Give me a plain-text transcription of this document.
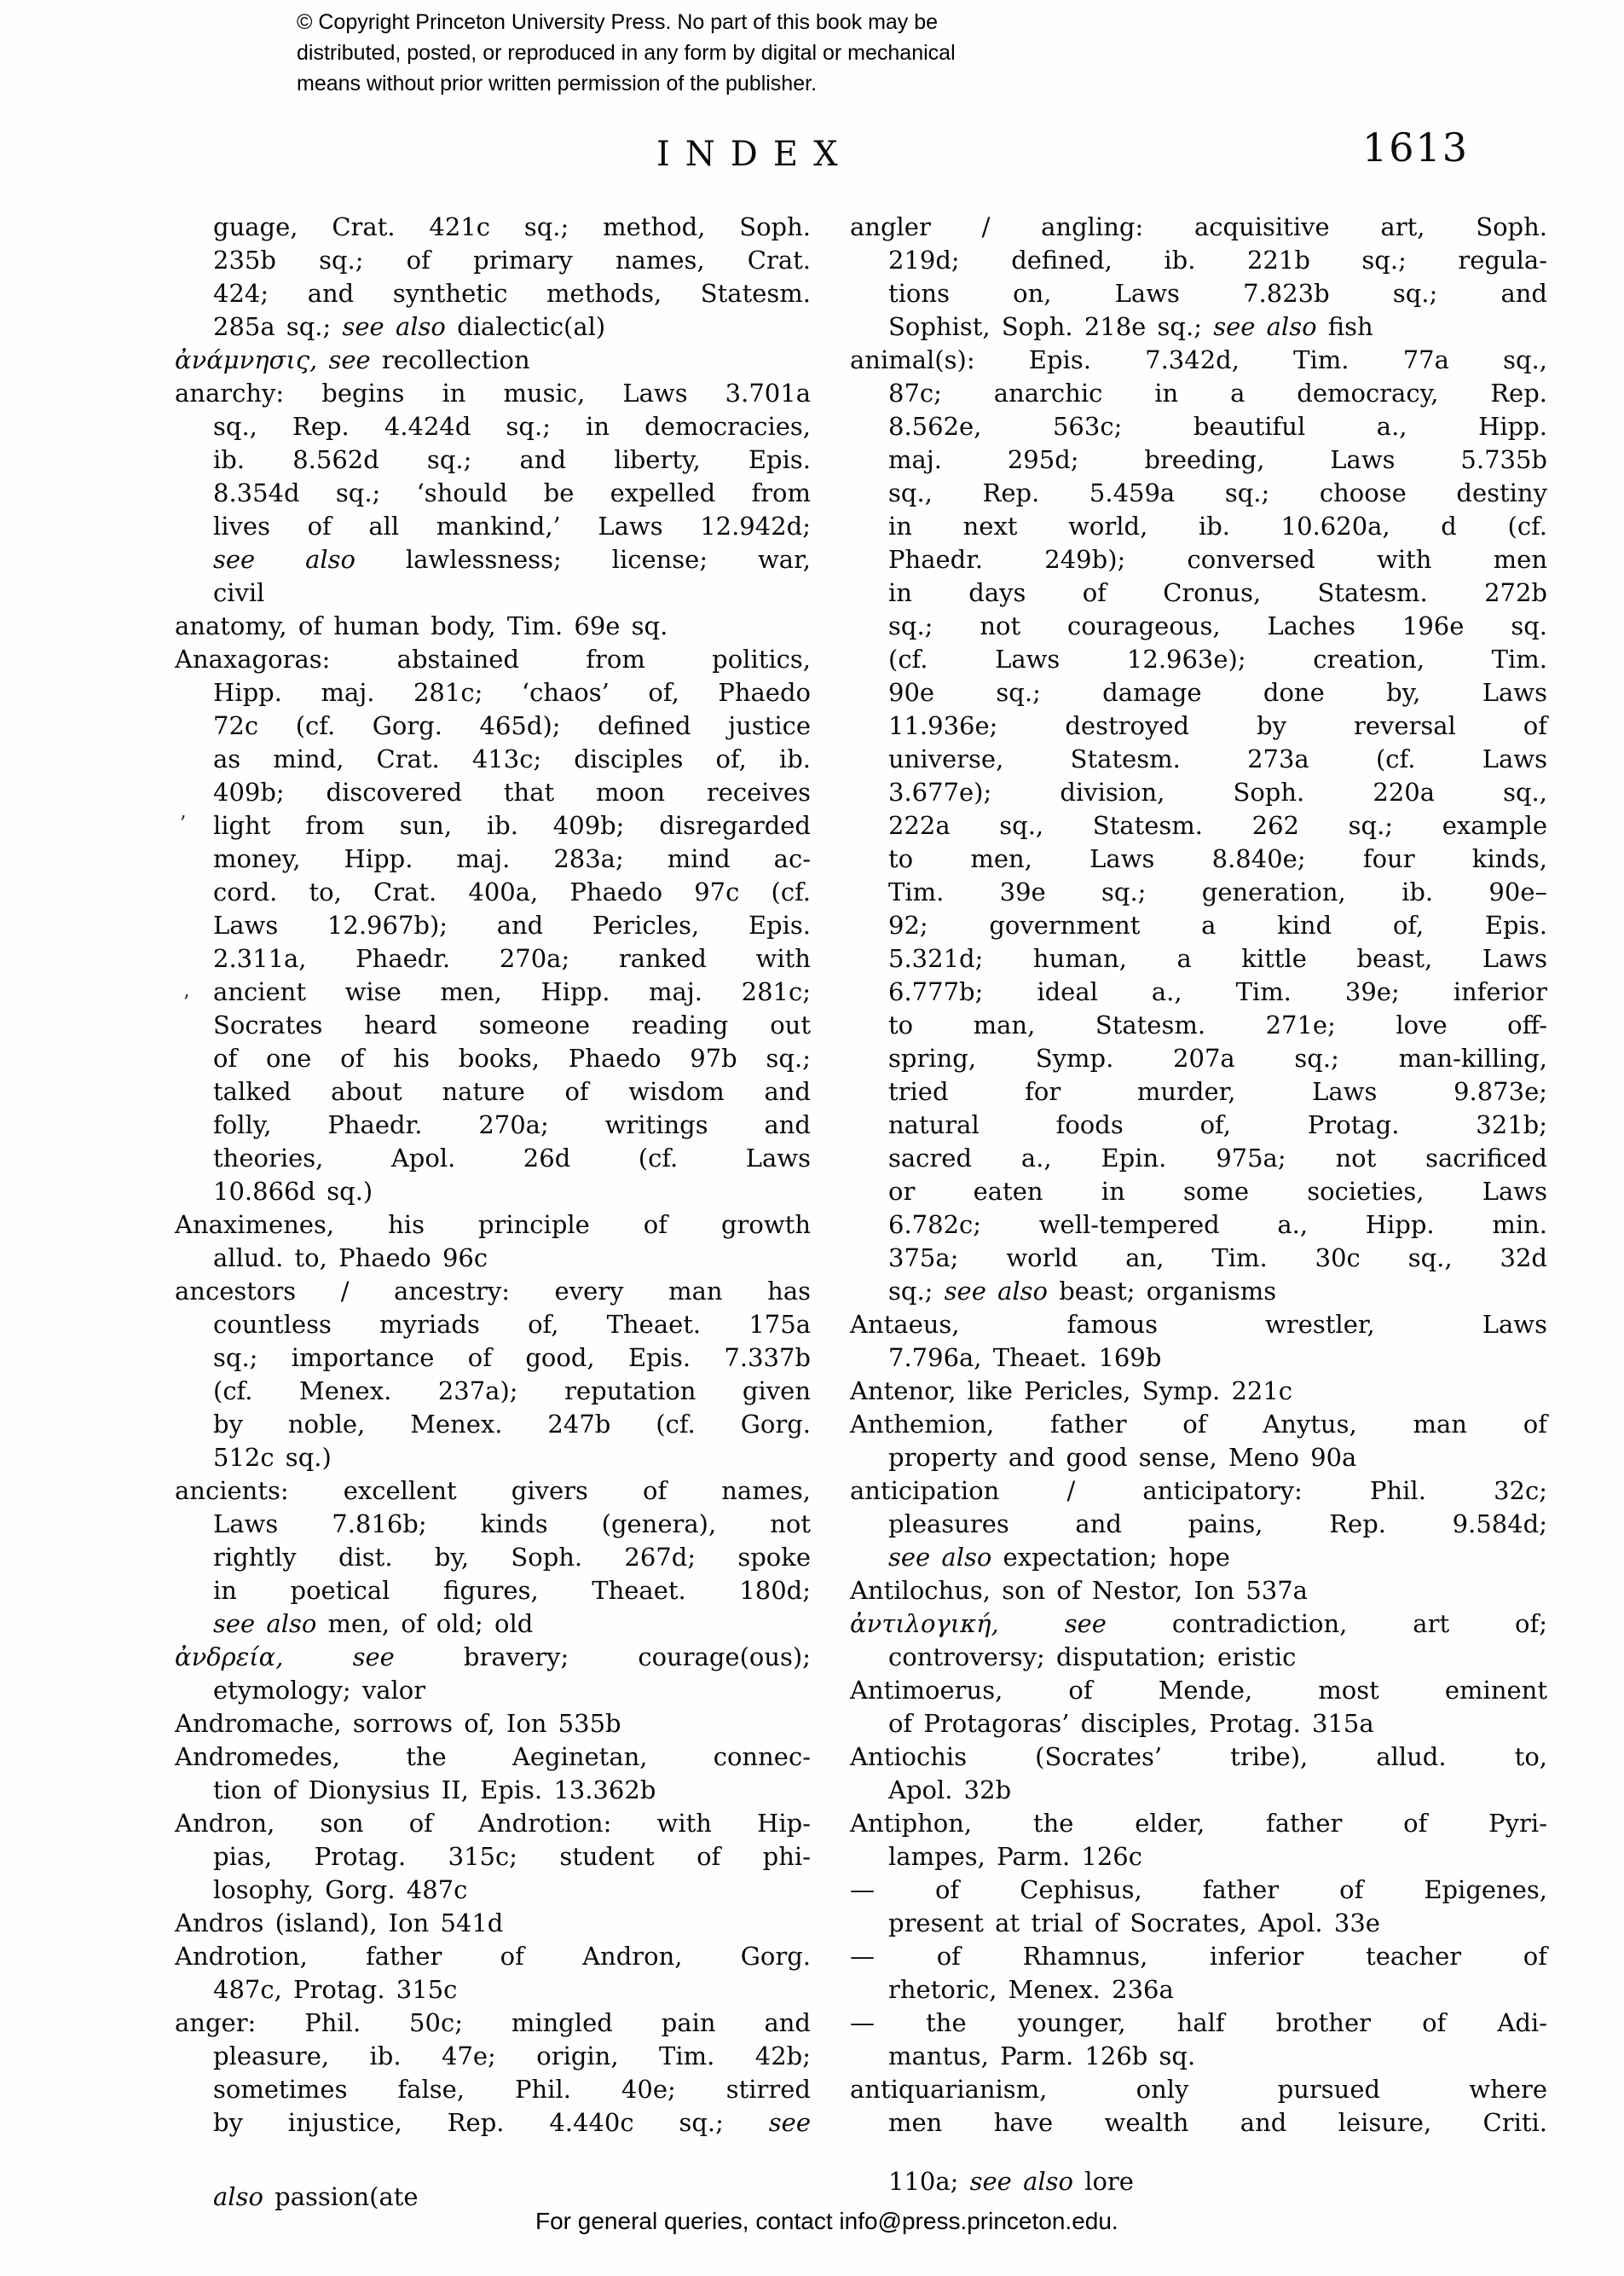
© Copyright Princeton University Press. No part of this book may be
distributed, posted, or reproduced in any form by digital or mechanical
means without prior written permission of the publisher.
INDEX	1613
guage, Crat. 421c sq.; method, Soph.
235b sq.; of primary names, Crat.
424; and synthetic methods, Statesm.
285a sq.; see also dialectic(al)
ἀνάμνησις, see recollection
anarchy: begins in music, Laws 3.701a
sq., Rep. 4.424d sq.; in democracies,
ib. 8.562d sq.; and liberty, Epis.
8.354d sq.; ‘should be expelled from
lives of all mankind,’ Laws 12.942d;
see also lawlessness; license; war,
civil
anatomy, of human body, Tim. 69e sq.
Anaxagoras: abstained from politics,
Hipp. maj. 281c; ‘chaos’ of, Phaedo
72c (cf. Gorg. 465d); defined justice
as mind, Crat. 413c; disciples of, ib.
409b; discovered that moon receives
light from sun, ib. 409b; disregarded
money, Hipp. maj. 283a; mind ac-
cord. to, Crat. 400a, Phaedo 97c (cf.
Laws 12.967b); and Pericles, Epis.
2.311a, Phaedr. 270a; ranked with
ancient wise men, Hipp. maj. 281c;
Socrates heard someone reading out
of one of his books, Phaedo 97b sq.;
talked about nature of wisdom and
folly, Phaedr. 270a; writings and
theories, Apol. 26d (cf. Laws
10.866d sq.)
Anaximenes, his principle of growth
allud. to, Phaedo 96c
ancestors / ancestry: every man has
countless myriads of, Theaet. 175a
sq.; importance of good, Epis. 7.337b
(cf. Menex. 237a); reputation given
by noble, Menex. 247b (cf. Gorg.
512c sq.)
ancients: excellent givers of names,
Laws 7.816b; kinds (genera), not
rightly dist. by, Soph. 267d; spoke
in poetical figures, Theaet. 180d;
see also men, of old; old
ἀνδρεία,	see bravery; courage(ous);
etymology; valor
Andromache, sorrows of, Ion 535b
Andromedes, the Aeginetan, connec-
tion of Dionysius II, Epis. 13.362b
Andron, son of Androtion: with Hip-
pias, Protag. 315c; student of phi-
losophy, Gorg. 487c
Andros (island), Ion 541d
Androtion, father of Andron, Gorg.
487c, Protag. 315c
anger: Phil. 50c; mingled pain and
pleasure, ib. 47e; origin, Tim. 42b;
sometimes false, Phil. 40e; stirred
by injustice, Rep. 4.440c sq.; see
also passion(ate
angler / angling: acquisitive art, Soph.
219d; defined, ib. 221b sq.; regula-
tions on, Laws 7.823b sq.; and
Sophist, Soph. 218e sq.; see also fish
animal(s): Epis. 7.342d, Tim. 77a sq.,
87c; anarchic in a democracy, Rep.
8.562e, 563c; beautiful a., Hipp.
maj. 295d; breeding, Laws 5.735b
sq., Rep. 5.459a sq.; choose destiny
in next world, ib. 10.620a, d (cf.
Phaedr. 249b); conversed with men
in days of Cronus, Statesm. 272b
sq.; not courageous, Laches 196e sq.
(cf. Laws 12.963e); creation, Tim.
90e sq.; damage done by, Laws
11.936e; destroyed by reversal of
universe, Statesm. 273a (cf. Laws
3.677e); division, Soph. 220a sq.,
222a sq., Statesm. 262 sq.; example
to men, Laws 8.840e; four kinds,
Tim. 39e sq.; generation, ib. 90e–
92; government a kind of, Epis.
5.321d; human, a kittle beast, Laws
6.777b; ideal a., Tim. 39e; inferior
to man, Statesm. 271e; love off-
spring, Symp. 207a sq.; man-killing,
tried for murder, Laws 9.873e;
natural foods of, Protag. 321b;
sacred a., Epin. 975a; not sacrificed
or eaten in some societies, Laws
6.782c; well-tempered a., Hipp. min.
375a; world an, Tim. 30c sq., 32d
sq.; see also beast; organisms
Antaeus, famous wrestler, Laws
7.796a, Theaet. 169b
Antenor, like Pericles, Symp. 221c
Anthemion, father of Anytus, man of
property and good sense, Meno 90a
anticipation / anticipatory: Phil. 32c;
pleasures and pains, Rep. 9.584d;
see also expectation; hope
Antilochus, son of Nestor, Ion 537a
ἀντιλογική,	see contradiction, art of;
controversy; disputation; eristic
Antimoerus, of Mende, most eminent
of Protagoras’ disciples, Protag. 315a
Antiochis (Socrates’ tribe), allud. to,
Apol. 32b
Antiphon, the elder, father of Pyri-
lampes, Parm. 126c
— of Cephisus, father of Epigenes,
present at trial of Socrates, Apol. 33e
— of Rhamnus, inferior teacher of
rhetoric, Menex. 236a
— the younger, half brother of Adi-
mantus, Parm. 126b sq.
antiquarianism, only pursued where
men have wealth and leisure, Criti.
110a; see also lore
ʼ
ʼ
For general queries, contact info@press.princeton.edu.
